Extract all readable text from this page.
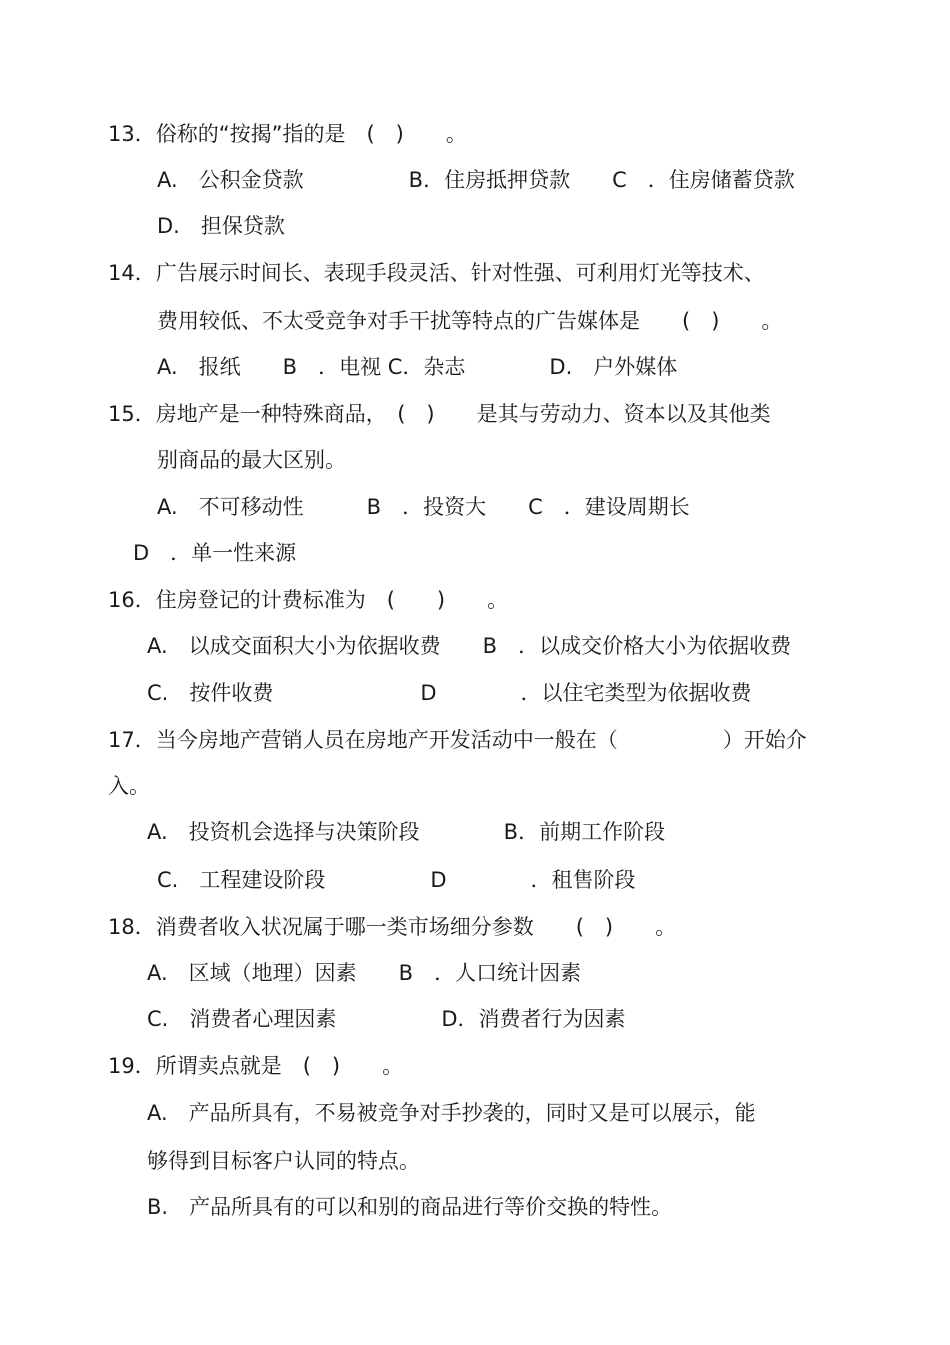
13．俗称的“按揭”指的是　(　)　　。
A.　公积金贷款　　　　　B．住房抵押贷款　　C　．住房储蓄贷款
D.　担保贷款
14．广告展示时间长、表现手段灵活、针对性强、可利用灯光等技术、
费用较低、不太受竞争对手干扰等特点的广告媒体是　　(　)　　。
A.　报纸　　B　．电视 C．杂志　　　　D.　户外媒体
15．房地产是一种特殊商品，　(　)　　是其与劳动力、资本以及其他类
别商品的最大区别。
A.　不可移动性　　　B　．投资大　　C　．建设周期长
D　．单一性来源
16．住房登记的计费标准为　(　　)　　。
A.　以成交面积大小为依据收费　　B　．以成交价格大小为依据收费
C.　按件收费　　　　　　　D　　　　．以住宅类型为依据收费
17．当今房地产营销人员在房地产开发活动中一般在（　　　　　）开始介
入。
A.　投资机会选择与决策阶段　　　　B．前期工作阶段
C.　工程建设阶段　　　　　D　　　　．租售阶段
18．消费者收入状况属于哪一类市场细分参数　　(　)　　。
A.　区域（地理）因素　　B　．人口统计因素
C.　消费者心理因素　　　　　D．消费者行为因素
19．所谓卖点就是　(　)　　。
A.　产品所具有，不易被竞争对手抄袭的，同时又是可以展示，能
够得到目标客户认同的特点。
B.　产品所具有的可以和别的商品进行等价交换的特性。
